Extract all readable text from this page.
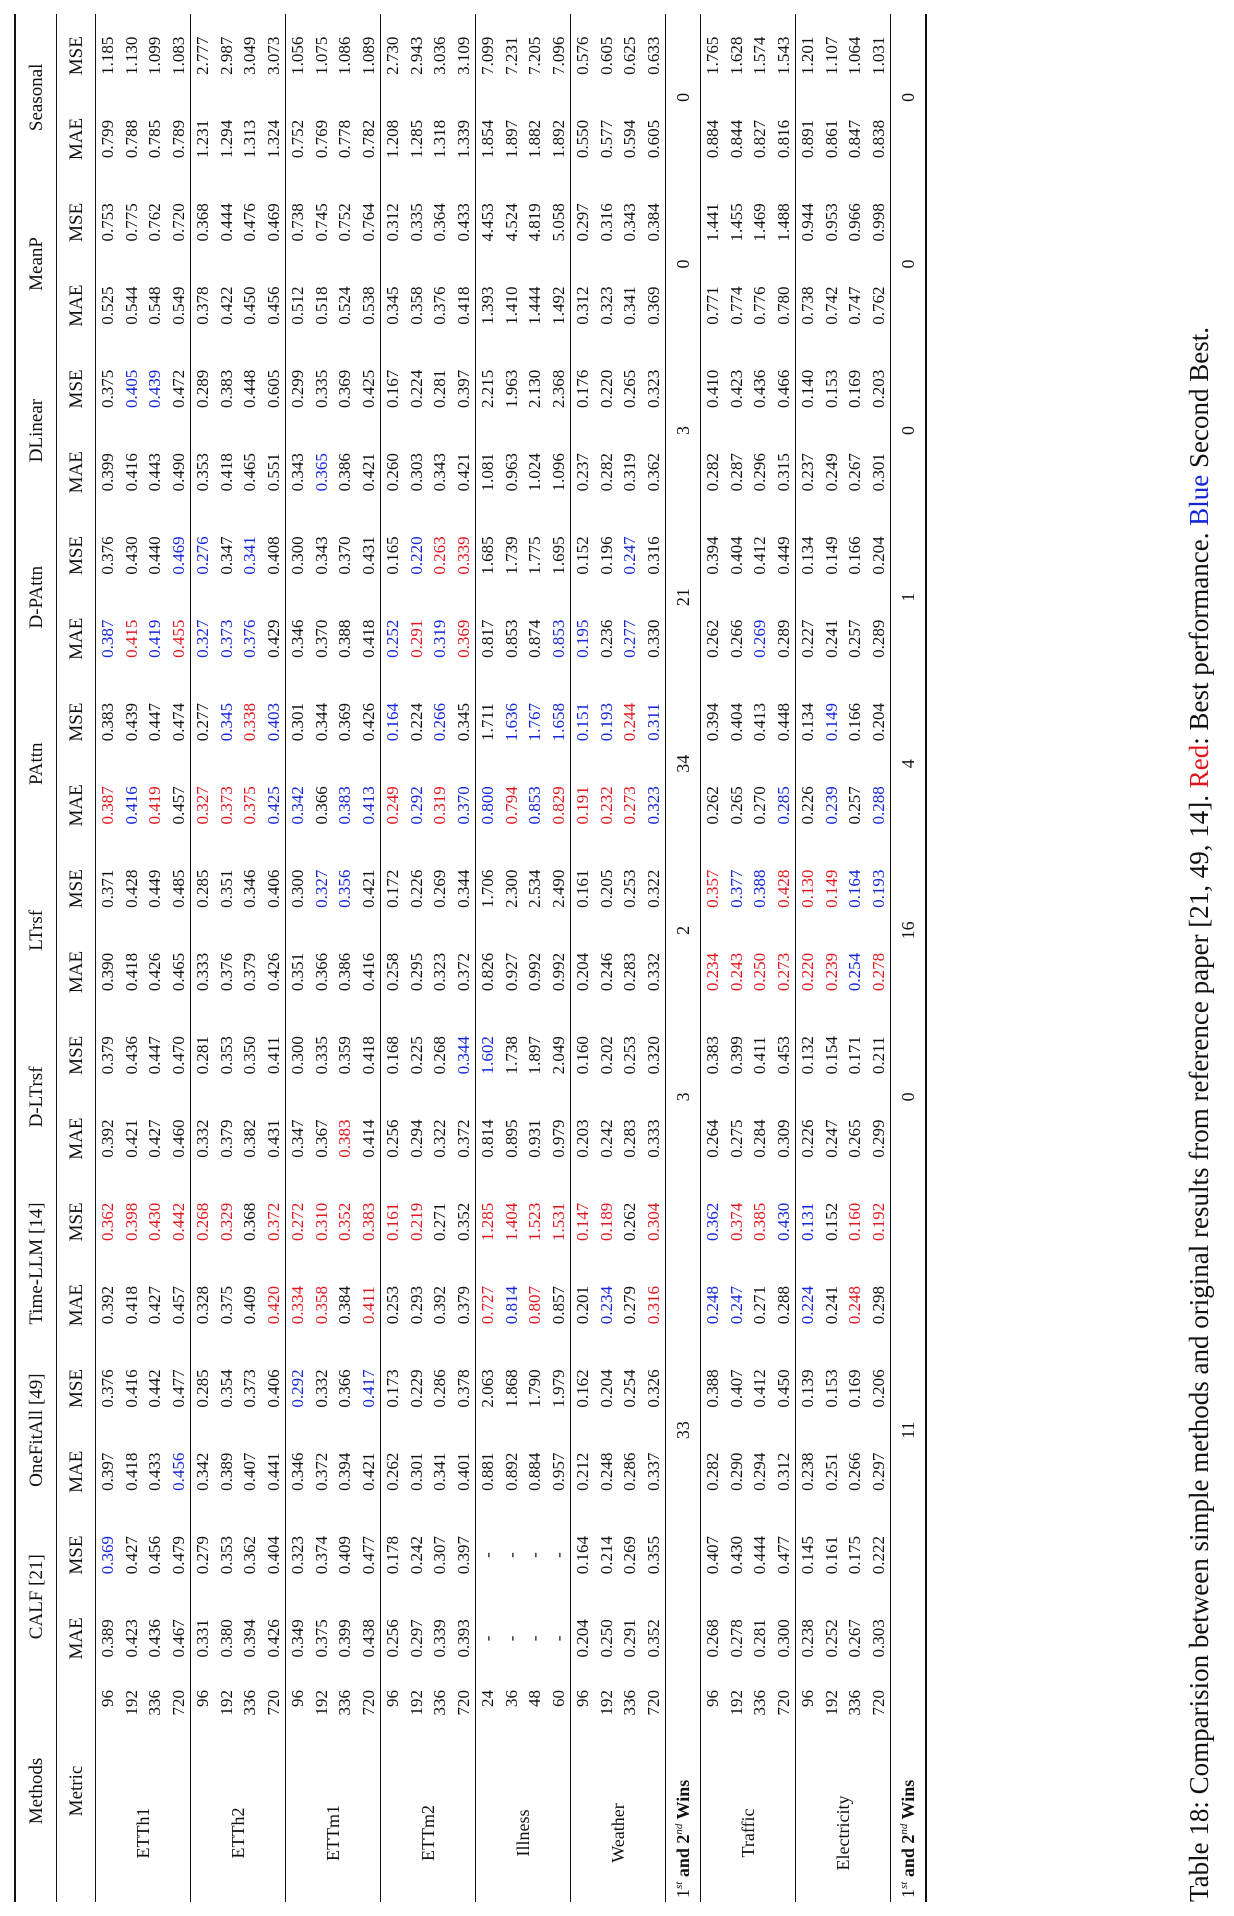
Methods		CALF [21]		OneFitAll [49]		Time-LLM [14]		D-LTrsf		LTrsf		PAttn		D-PAttn		DLinear		MeanP		Seasonal	
Metric		MAE	MSE	MAE	MSE	MAE	MSE	MAE	MSE	MAE	MSE	MAE	MSE	MAE	MSE	MAE	MSE	MAE	MSE	MAE	MSE
ETTh1	96	0.389	0.369	0.397	0.376	0.392	0.362	0.392	0.379	0.390	0.371	0.387	0.383	0.387	0.376	0.399	0.375	0.525	0.753	0.799	1.185
	192	0.423	0.427	0.418	0.416	0.418	0.398	0.421	0.436	0.418	0.428	0.416	0.439	0.415	0.430	0.416	0.405	0.544	0.775	0.788	1.130
	336	0.436	0.456	0.433	0.442	0.427	0.430	0.427	0.447	0.426	0.449	0.419	0.447	0.419	0.440	0.443	0.439	0.548	0.762	0.785	1.099
	720	0.467	0.479	0.456	0.477	0.457	0.442	0.460	0.470	0.465	0.485	0.457	0.474	0.455	0.469	0.490	0.472	0.549	0.720	0.789	1.083
ETTh2	96	0.331	0.279	0.342	0.285	0.328	0.268	0.332	0.281	0.333	0.285	0.327	0.277	0.327	0.276	0.353	0.289	0.378	0.368	1.231	2.777
	192	0.380	0.353	0.389	0.354	0.375	0.329	0.379	0.353	0.376	0.351	0.373	0.345	0.373	0.347	0.418	0.383	0.422	0.444	1.294	2.987
	336	0.394	0.362	0.407	0.373	0.409	0.368	0.382	0.350	0.379	0.346	0.375	0.338	0.376	0.341	0.465	0.448	0.450	0.476	1.313	3.049
	720	0.426	0.404	0.441	0.406	0.420	0.372	0.431	0.411	0.426	0.406	0.425	0.403	0.429	0.408	0.551	0.605	0.456	0.469	1.324	3.073
ETTm1	96	0.349	0.323	0.346	0.292	0.334	0.272	0.347	0.300	0.351	0.300	0.342	0.301	0.346	0.300	0.343	0.299	0.512	0.738	0.752	1.056
	192	0.375	0.374	0.372	0.332	0.358	0.310	0.367	0.335	0.366	0.327	0.366	0.344	0.370	0.343	0.365	0.335	0.518	0.745	0.769	1.075
	336	0.399	0.409	0.394	0.366	0.384	0.352	0.383	0.359	0.386	0.356	0.383	0.369	0.388	0.370	0.386	0.369	0.524	0.752	0.778	1.086
	720	0.438	0.477	0.421	0.417	0.411	0.383	0.414	0.418	0.416	0.421	0.413	0.426	0.418	0.431	0.421	0.425	0.538	0.764	0.782	1.089
ETTm2	96	0.256	0.178	0.262	0.173	0.253	0.161	0.256	0.168	0.258	0.172	0.249	0.164	0.252	0.165	0.260	0.167	0.345	0.312	1.208	2.730
	192	0.297	0.242	0.301	0.229	0.293	0.219	0.294	0.225	0.295	0.226	0.292	0.224	0.291	0.220	0.303	0.224	0.358	0.335	1.285	2.943
	336	0.339	0.307	0.341	0.286	0.392	0.271	0.322	0.268	0.323	0.269	0.319	0.266	0.319	0.263	0.343	0.281	0.376	0.364	1.318	3.036
	720	0.393	0.397	0.401	0.378	0.379	0.352	0.372	0.344	0.372	0.344	0.370	0.345	0.369	0.339	0.421	0.397	0.418	0.433	1.339	3.109
Illness	24	-	-	0.881	2.063	0.727	1.285	0.814	1.602	0.826	1.706	0.800	1.711	0.817	1.685	1.081	2.215	1.393	4.453	1.854	7.099
	36	-	-	0.892	1.868	0.814	1.404	0.895	1.738	0.927	2.300	0.794	1.636	0.853	1.739	0.963	1.963	1.410	4.524	1.897	7.231
	48	-	-	0.884	1.790	0.807	1.523	0.931	1.897	0.992	2.534	0.853	1.767	0.874	1.775	1.024	2.130	1.444	4.819	1.882	7.205
	60	-	-	0.957	1.979	0.857	1.531	0.979	2.049	0.992	2.490	0.829	1.658	0.853	1.695	1.096	2.368	1.492	5.058	1.892	7.096
Weather	96	0.204	0.164	0.212	0.162	0.201	0.147	0.203	0.160	0.204	0.161	0.191	0.151	0.195	0.152	0.237	0.176	0.312	0.297	0.550	0.576
	192	0.250	0.214	0.248	0.204	0.234	0.189	0.242	0.202	0.246	0.205	0.232	0.193	0.236	0.196	0.282	0.220	0.323	0.316	0.577	0.605
	336	0.291	0.269	0.286	0.254	0.279	0.262	0.283	0.253	0.283	0.253	0.273	0.244	0.277	0.247	0.319	0.265	0.341	0.343	0.594	0.625
	720	0.352	0.355	0.337	0.326	0.316	0.304	0.333	0.320	0.332	0.322	0.323	0.311	0.330	0.316	0.362	0.323	0.369	0.384	0.605	0.633
1st and 2nd Wins				33				3		2		34		21		3		0		0	
Traffic	96	0.268	0.407	0.282	0.388	0.248	0.362	0.264	0.383	0.234	0.357	0.262	0.394	0.262	0.394	0.282	0.410	0.771	1.441	0.884	1.765
	192	0.278	0.430	0.290	0.407	0.247	0.374	0.275	0.399	0.243	0.377	0.265	0.404	0.266	0.404	0.287	0.423	0.774	1.455	0.844	1.628
	336	0.281	0.444	0.294	0.412	0.271	0.385	0.284	0.411	0.250	0.388	0.270	0.413	0.269	0.412	0.296	0.436	0.776	1.469	0.827	1.574
	720	0.300	0.477	0.312	0.450	0.288	0.430	0.309	0.453	0.273	0.428	0.285	0.448	0.289	0.449	0.315	0.466	0.780	1.488	0.816	1.543
Electricity	96	0.238	0.145	0.238	0.139	0.224	0.131	0.226	0.132	0.220	0.130	0.226	0.134	0.227	0.134	0.237	0.140	0.738	0.944	0.891	1.201
	192	0.252	0.161	0.251	0.153	0.241	0.152	0.247	0.154	0.239	0.149	0.239	0.149	0.241	0.149	0.249	0.153	0.742	0.953	0.861	1.107
	336	0.267	0.175	0.266	0.169	0.248	0.160	0.265	0.171	0.254	0.164	0.257	0.166	0.257	0.166	0.267	0.169	0.747	0.966	0.847	1.064
	720	0.303	0.222	0.297	0.206	0.298	0.192	0.299	0.211	0.278	0.193	0.288	0.204	0.289	0.204	0.301	0.203	0.762	0.998	0.838	1.031
1st and 2nd Wins				11				0		16		4		1		0		0		0	
Table 18: Comparision between simple methods and original results from reference paper [21, 49, 14]. Red: Best performance. Blue Second Best.
